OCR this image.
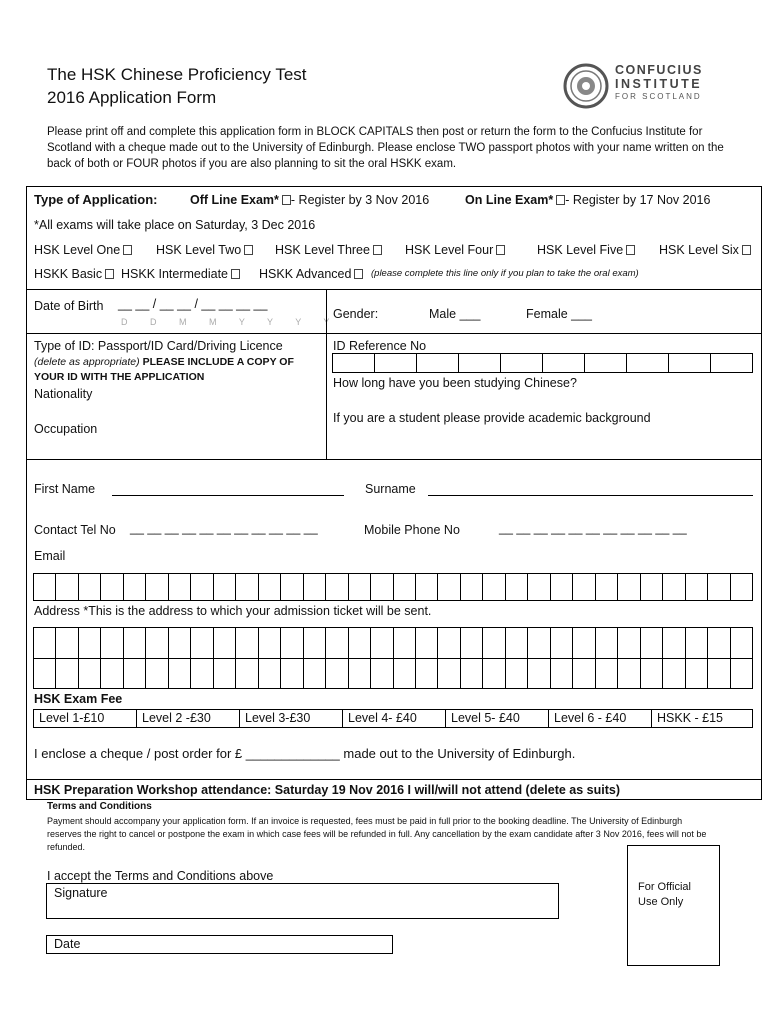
The HSK Chinese Proficiency Test
2016 Application Form
CONFUCIUS
INSTITUTE
FOR SCOTLAND
Please print off and complete this application form in BLOCK CAPITALS then post or return the form to the Confucius Institute for Scotland with a cheque made out to the University of Edinburgh. Please enclose TWO passport photos with your name written on the back of both or FOUR photos if you are also planning to sit the oral HSKK exam.
Type of Application:	Off Line Exam* - Register by 3 Nov 2016	On Line Exam* - Register by 17 Nov 2016
*All exams will take place on Saturday, 3 Dec 2016
HSK Level One	HSK Level Two	HSK Level Three	HSK Level Four	HSK Level Five	HSK Level Six
HSKK Basic	HSKK Intermediate	HSKK Advanced	(please complete this line only if you plan to take the oral exam)
Date of Birth __ __ / __ __ / __ __ __ __
D D M M Y Y Y Y
Gender:	Male ___	Female ___
Type of ID: Passport/ID Card/Driving Licence
(delete as appropriate) PLEASE INCLUDE A COPY OF
YOUR ID WITH THE APPLICATION
Nationality
Occupation
ID Reference No
How long have you been studying Chinese?
If you are a student please provide academic background
First Name	Surname
Contact Tel No __ __ __ __ __ __ __ __ __ __ __	Mobile Phone No	__ __ __ __ __ __ __ __ __ __ __
Email
Address *This is the address to which your admission ticket will be sent.
HSK Exam Fee
Level 1-£10	Level 2 -£30	Level 3-£30	Level 4- £40	Level 5- £40	Level 6 - £40	HSKK - £15
I enclose a cheque / post order for £ _____________ made out to the University of Edinburgh.
HSK Preparation Workshop attendance: Saturday 19 Nov 2016 I will/will not attend (delete as suits)
Terms and Conditions
Payment should accompany your application form. If an invoice is requested, fees must be paid in full prior to the booking deadline. The University of Edinburgh reserves the right to cancel or postpone the exam in which case fees will be refunded in full. Any cancellation by the exam candidate after 3 Nov 2016, fees will not be refunded.
I accept the Terms and Conditions above
Signature
Date
For Official
Use Only
